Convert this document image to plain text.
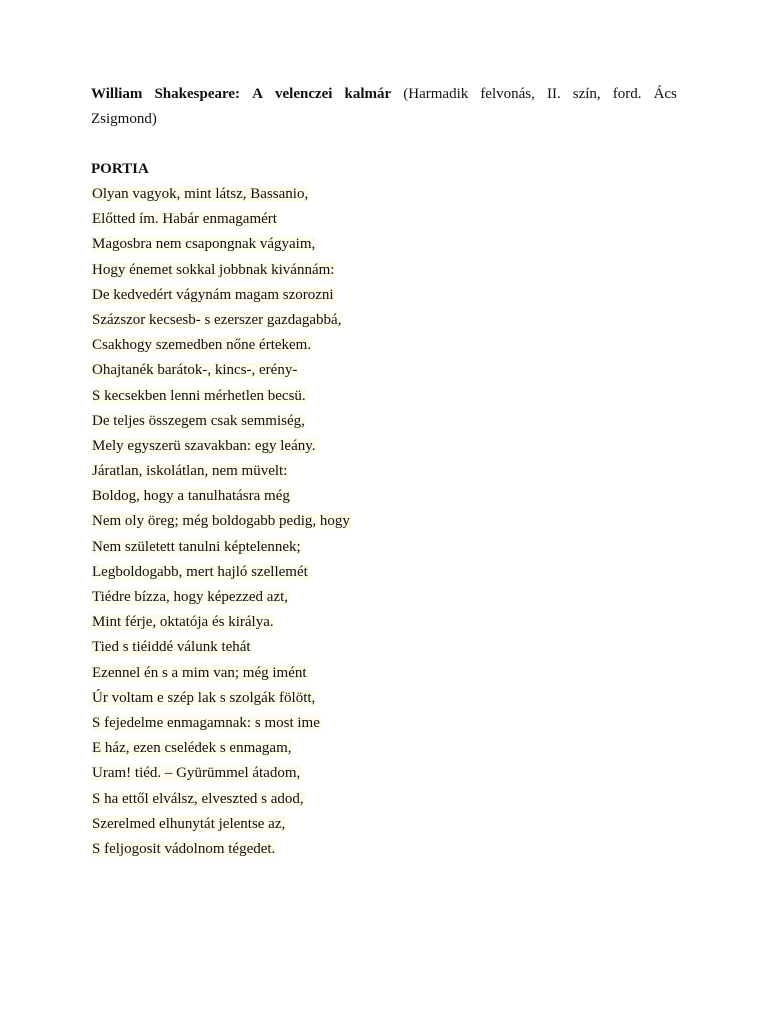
William Shakespeare: A velenczei kalmár (Harmadik felvonás, II. szín, ford. Ács
Zsigmond)
PORTIA
Olyan vagyok, mint látsz, Bassanio,
Előtted ím. Habár enmagamért
Magosbra nem csapongnak vágyaim,
Hogy énemet sokkal jobbnak kivánnám:
De kedvedért vágynám magam szorozni
Százszor kecsesb- s ezerszer gazdagabbá,
Csakhogy szemedben nőne értekem.
Ohajtanék barátok-, kincs-, erény-
S kecsekben lenni mérhetlen becsü.
De teljes összegem csak semmiség,
Mely egyszerü szavakban: egy leány.
Járatlan, iskolátlan, nem müvelt:
Boldog, hogy a tanulhatásra még
Nem oly öreg; még boldogabb pedig, hogy
Nem született tanulni képtelennek;
Legboldogabb, mert hajló szellemét
Tiédre bízza, hogy képezzed azt,
Mint férje, oktatója és királya.
Tied s tiéiddé válunk tehát
Ezennel én s a mim van; még imént
Úr voltam e szép lak s szolgák fölött,
S fejedelme enmagamnak: s most ime
E ház, ezen cselédek s enmagam,
Uram! tiéd. – Gyürümmel átadom,
S ha ettől elválsz, elveszted s adod,
Szerelmed elhunytát jelentse az,
S feljogosit vádolnom tégedet.
